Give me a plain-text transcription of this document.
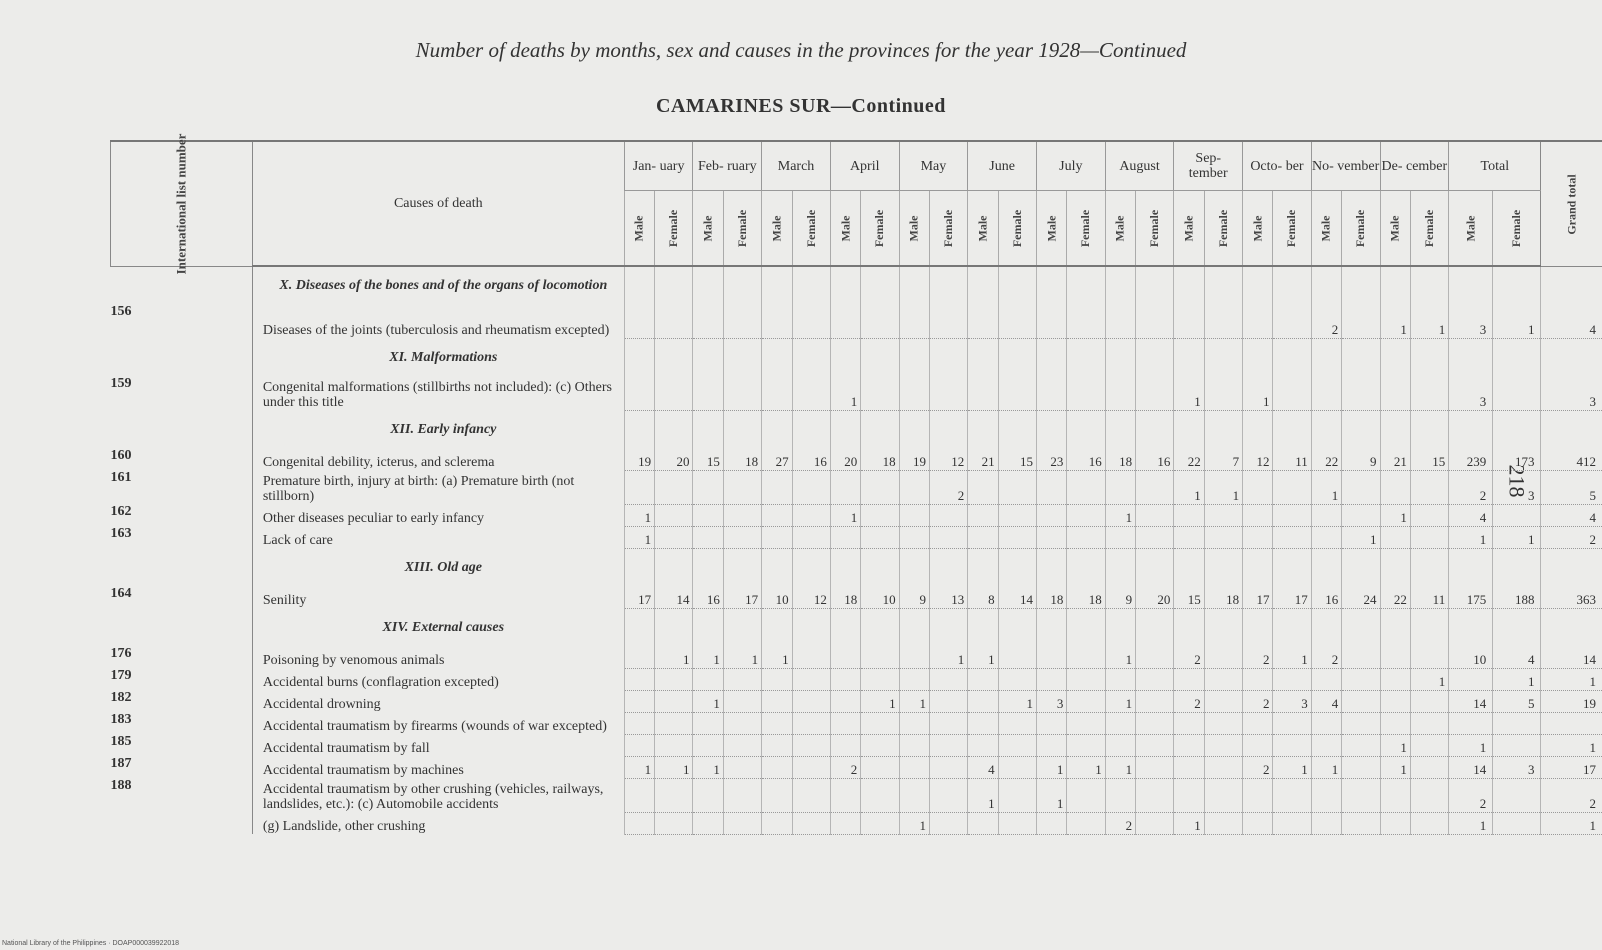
Number of deaths by months, sex and causes in the provinces for the year 1928—Continued
CAMARINES SUR—Continued
218
International list number	Causes of death	Jan- uary		Feb- ruary		March		April		May		June		July		August		Sep- tember		Octo- ber		No- vember		De- cember		Total		Grand total
		Male	Female	Male	Female	Male	Female	Male	Female	Male	Female	Male	Female	Male	Female	Male	Female	Male	Female	Male	Female	Male	Female	Male	Female	Male	Female	
	X. Diseases of the bones and of the organs of locomotion																											
156	Diseases of the joints (tuberculosis and rheumatism excepted)																					2		1	1	3	1	4
	XI. Malformations																											
159	Congenital malformations (stillbirths not included): (c) Others under this title							1										1		1						3		3
	XII. Early infancy																											
160	Congenital debility, icterus, and sclerema	19	20	15	18	27	16	20	18	19	12	21	15	23	16	18	16	22	7	12	11	22	9	21	15	239	173	412
161	Premature birth, injury at birth: (a) Premature birth (not stillborn)										2							1	1			1				2	3	5
162	Other diseases peculiar to early infancy	1						1								1								1		4		4
163	Lack of care	1																					1			1	1	2
	XIII. Old age																											
164	Senility	17	14	16	17	10	12	18	10	9	13	8	14	18	18	9	20	15	18	17	17	16	24	22	11	175	188	363
	XIV. External causes																											
176	Poisoning by venomous animals		1	1	1	1					1	1				1		2		2	1	2				10	4	14
179	Accidental burns (conflagration excepted)																								1		1	1
182	Accidental drowning			1					1	1			1	3		1		2		2	3	4				14	5	19
183	Accidental traumatism by firearms (wounds of war excepted)																											
185	Accidental traumatism by fall																							1		1		1
187	Accidental traumatism by machines	1	1	1				2				4		1	1	1				2	1	1		1		14	3	17
188	Accidental traumatism by other crushing (vehicles, railways, landslides, etc.): (c) Automobile accidents											1		1												2		2
	(g) Landslide, other crushing									1						2		1								1		1
National Library of the Philippines · DOAP000039922018
